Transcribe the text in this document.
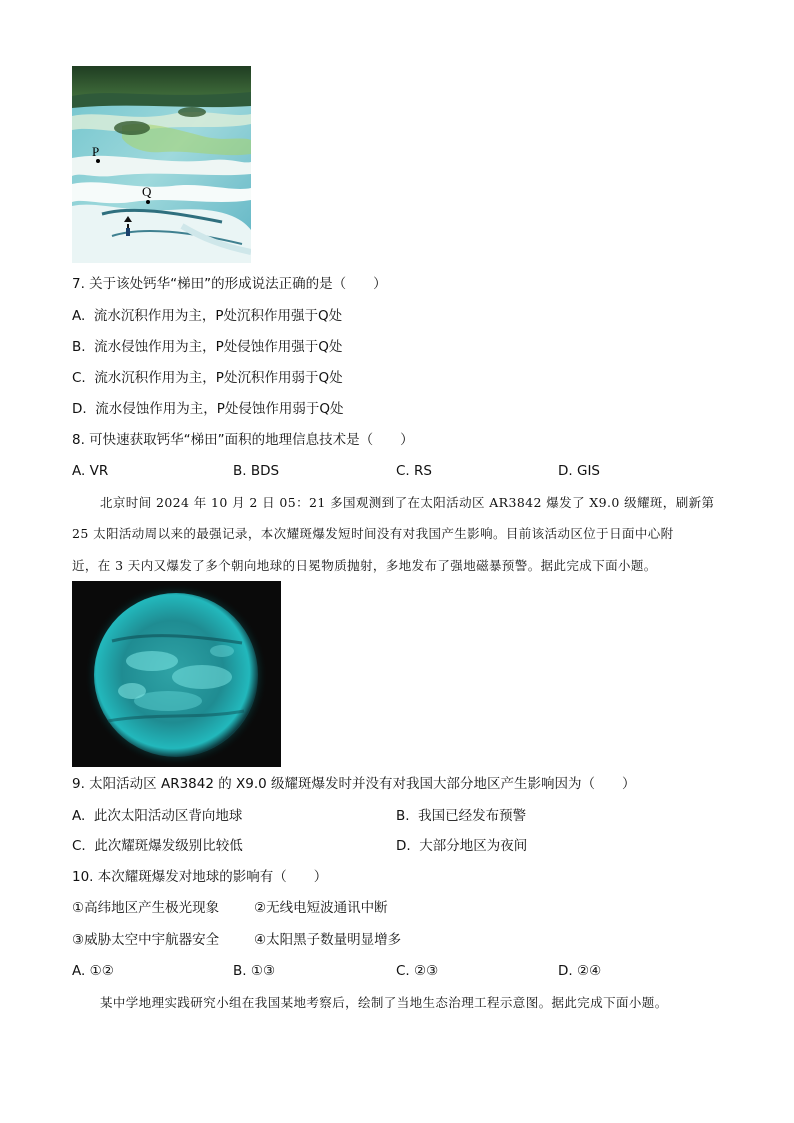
P
Q
7. 关于该处钙华“梯田”的形成说法正确的是（　　）
A. 流水沉积作用为主，P处沉积作用强于Q处
B. 流水侵蚀作用为主，P处侵蚀作用强于Q处
C. 流水沉积作用为主，P处沉积作用弱于Q处
D. 流水侵蚀作用为主，P处侵蚀作用弱于Q处
8. 可快速获取钙华“梯田”面积的地理信息技术是（　　）
A. VR	B. BDS	C. RS	D. GIS
北京时间 2024 年 10 月 2 日 05：21 多国观测到了在太阳活动区 AR3842 爆发了 X9.0 级耀斑，刷新第
25 太阳活动周以来的最强记录，本次耀斑爆发短时间没有对我国产生影响。目前该活动区位于日面中心附
近，在 3 天内又爆发了多个朝向地球的日冕物质抛射，多地发布了强地磁暴预警。据此完成下面小题。
9. 太阳活动区 AR3842 的 X9.0 级耀斑爆发时并没有对我国大部分地区产生影响因为（　　）
A. 此次太阳活动区背向地球	B. 我国已经发布预警
C. 此次耀斑爆发级别比较低	D. 大部分地区为夜间
10. 本次耀斑爆发对地球的影响有（　　）
①高纬地区产生极光现象	②无线电短波通讯中断
③威胁太空中宇航器安全	④太阳黑子数量明显增多
A. ①②	B. ①③	C. ②③	D. ②④
某中学地理实践研究小组在我国某地考察后，绘制了当地生态治理工程示意图。据此完成下面小题。
